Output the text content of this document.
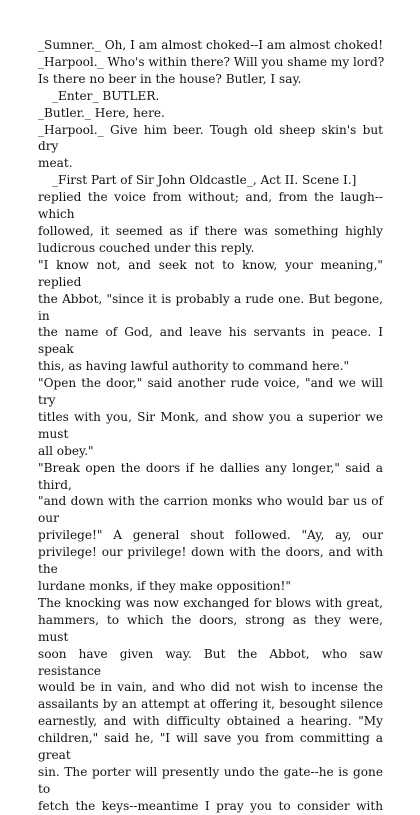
_Sumner._ Oh, I am almost choked--I am almost choked!
_Harpool._ Who's within there? Will you shame my lord?
Is there no beer in the house? Butler, I say.
_Enter_ BUTLER.
_Butler._ Here, here.
_Harpool._ Give him beer. Tough old sheep skin's but dry
meat.
_First Part of Sir John Oldcastle_, Act II. Scene I.]
replied the voice from without; and, from the laugh--which
followed, it seemed as if there was something highly
ludicrous couched under this reply.
"I know not, and seek not to know, your meaning," replied
the Abbot, "since it is probably a rude one. But begone, in
the name of God, and leave his servants in peace. I speak
this, as having lawful authority to command here."
"Open the door," said another rude voice, "and we will try
titles with you, Sir Monk, and show you a superior we must
all obey."
"Break open the doors if he dallies any longer," said a third,
"and down with the carrion monks who would bar us of our
privilege!" A general shout followed. "Ay, ay, our
privilege! our privilege! down with the doors, and with the
lurdane monks, if they make opposition!"
The knocking was now exchanged for blows with great,
hammers, to which the doors, strong as they were, must
soon have given way. But the Abbot, who saw resistance
would be in vain, and who did not wish to incense the
assailants by an attempt at offering it, besought silence
earnestly, and with difficulty obtained a hearing. "My
children," said he, "I will save you from committing a great
sin. The porter will presently undo the gate--he is gone to
fetch the keys--meantime I pray you to consider with
